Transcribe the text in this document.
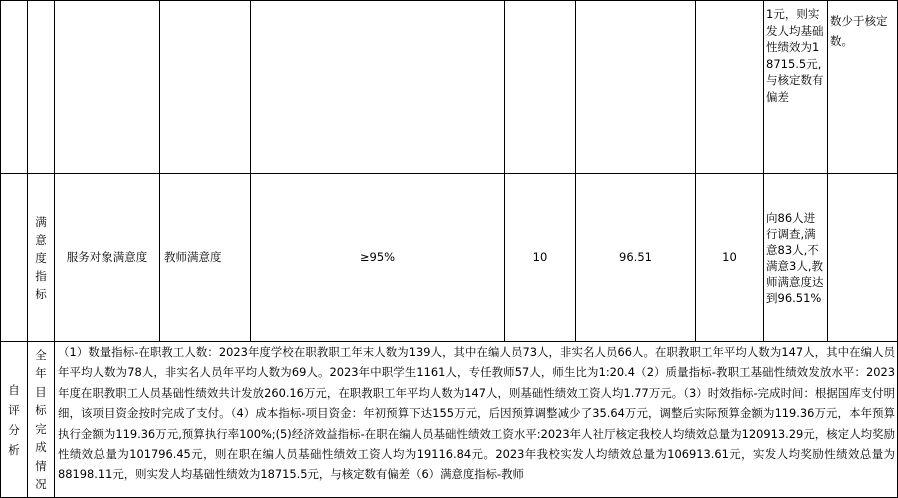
								1元，则实发人均基础性绩效为18715.5元,与核定数有偏差	数少于核定数。
	满意度指标	服务对象满意度	教师满意度	≥95%	10	96.51	10	向86人进行调查,满意83人,不满意3人,教师满意度达到96.51%	
自评分析	全年目标完成情况	（1）数量指标-在职教工人数：2023年度学校在职教职工年末人数为139人，其中在编人员73人，非实名人员66人。在职教职工年平均人数为147人，其中在编人员年平均人数为78人，非实名人员年平均人数为69人。2023年中职学生1161人，专任教师57人，师生比为1:20.4（2）质量指标-教职工基础性绩效发放水平：2023年度在职教职工人员基础性绩效共计发放260.16万元，在职教职工年平均人数为147人，则基础性绩效工资人均1.77万元。（3）时效指标-完成时间：根据国库支付明细，该项目资金按时完成了支付。（4）成本指标-项目资金：年初预算下达155万元，后因预算调整减少了35.64万元，调整后实际预算金额为119.36万元，本年预算执行金额为119.36万元,预算执行率100%;(5)经济效益指标-在职在编人员基础性绩效工资水平:2023年人社厅核定我校人均绩效总量为120913.29元，核定人均奖励性绩效总量为101796.45元，则在职在编人员基础性绩效工资人均为19116.84元。2023年我校实发人均绩效总量为106913.61元，实发人均奖励性绩效总量为88198.11元，则实发人均基础性绩效为18715.5元，与核定数有偏差（6）满意度指标-教师							
